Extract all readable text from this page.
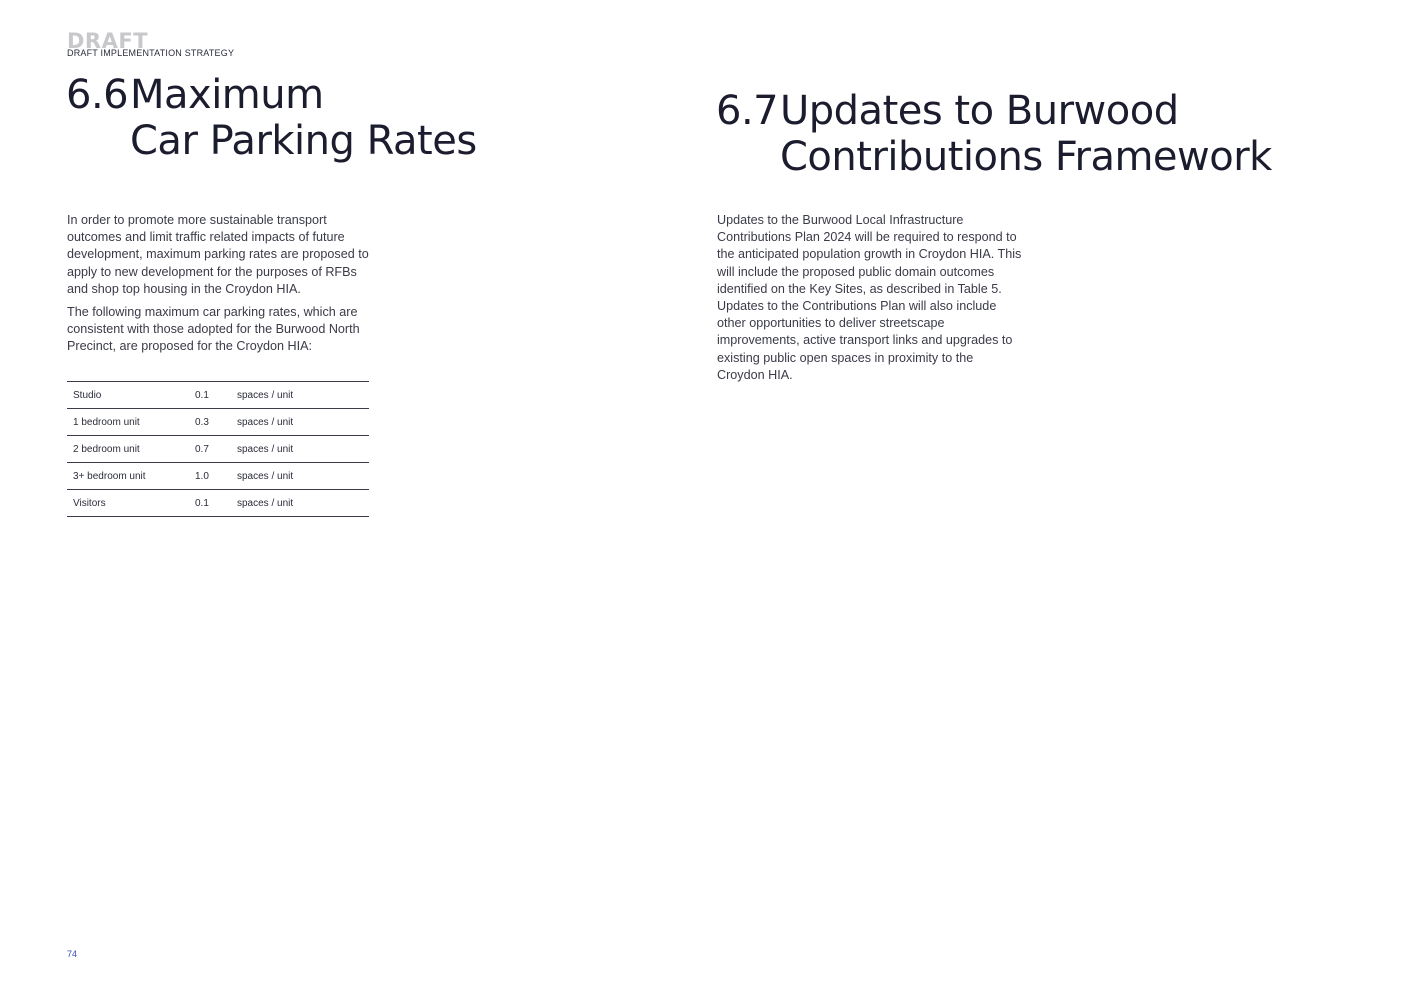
DRAFT
DRAFT IMPLEMENTATION STRATEGY
6.6 Maximum
Car Parking Rates
6.7 Updates to Burwood
Contributions Framework

In order to promote more sustainable transport outcomes and limit traffic related impacts of future development, maximum parking rates are proposed to apply to new development for the purposes of RFBs and shop top housing in the Croydon HIA.

The following maximum car parking rates, which are consistent with those adopted for the Burwood North Precinct, are proposed for the Croydon HIA:

Studio	0.1	spaces / unit
1 bedroom unit	0.3	spaces / unit
2 bedroom unit	0.7	spaces / unit
3+ bedroom unit	1.0	spaces / unit
Visitors	0.1	spaces / unit

Updates to the Burwood Local Infrastructure Contributions Plan 2024 will be required to respond to the anticipated population growth in Croydon HIA. This will include the proposed public domain outcomes identified on the Key Sites, as described in Table 5. Updates to the Contributions Plan will also include other opportunities to deliver streetscape improvements, active transport links and upgrades to existing public open spaces in proximity to the Croydon HIA.

74
